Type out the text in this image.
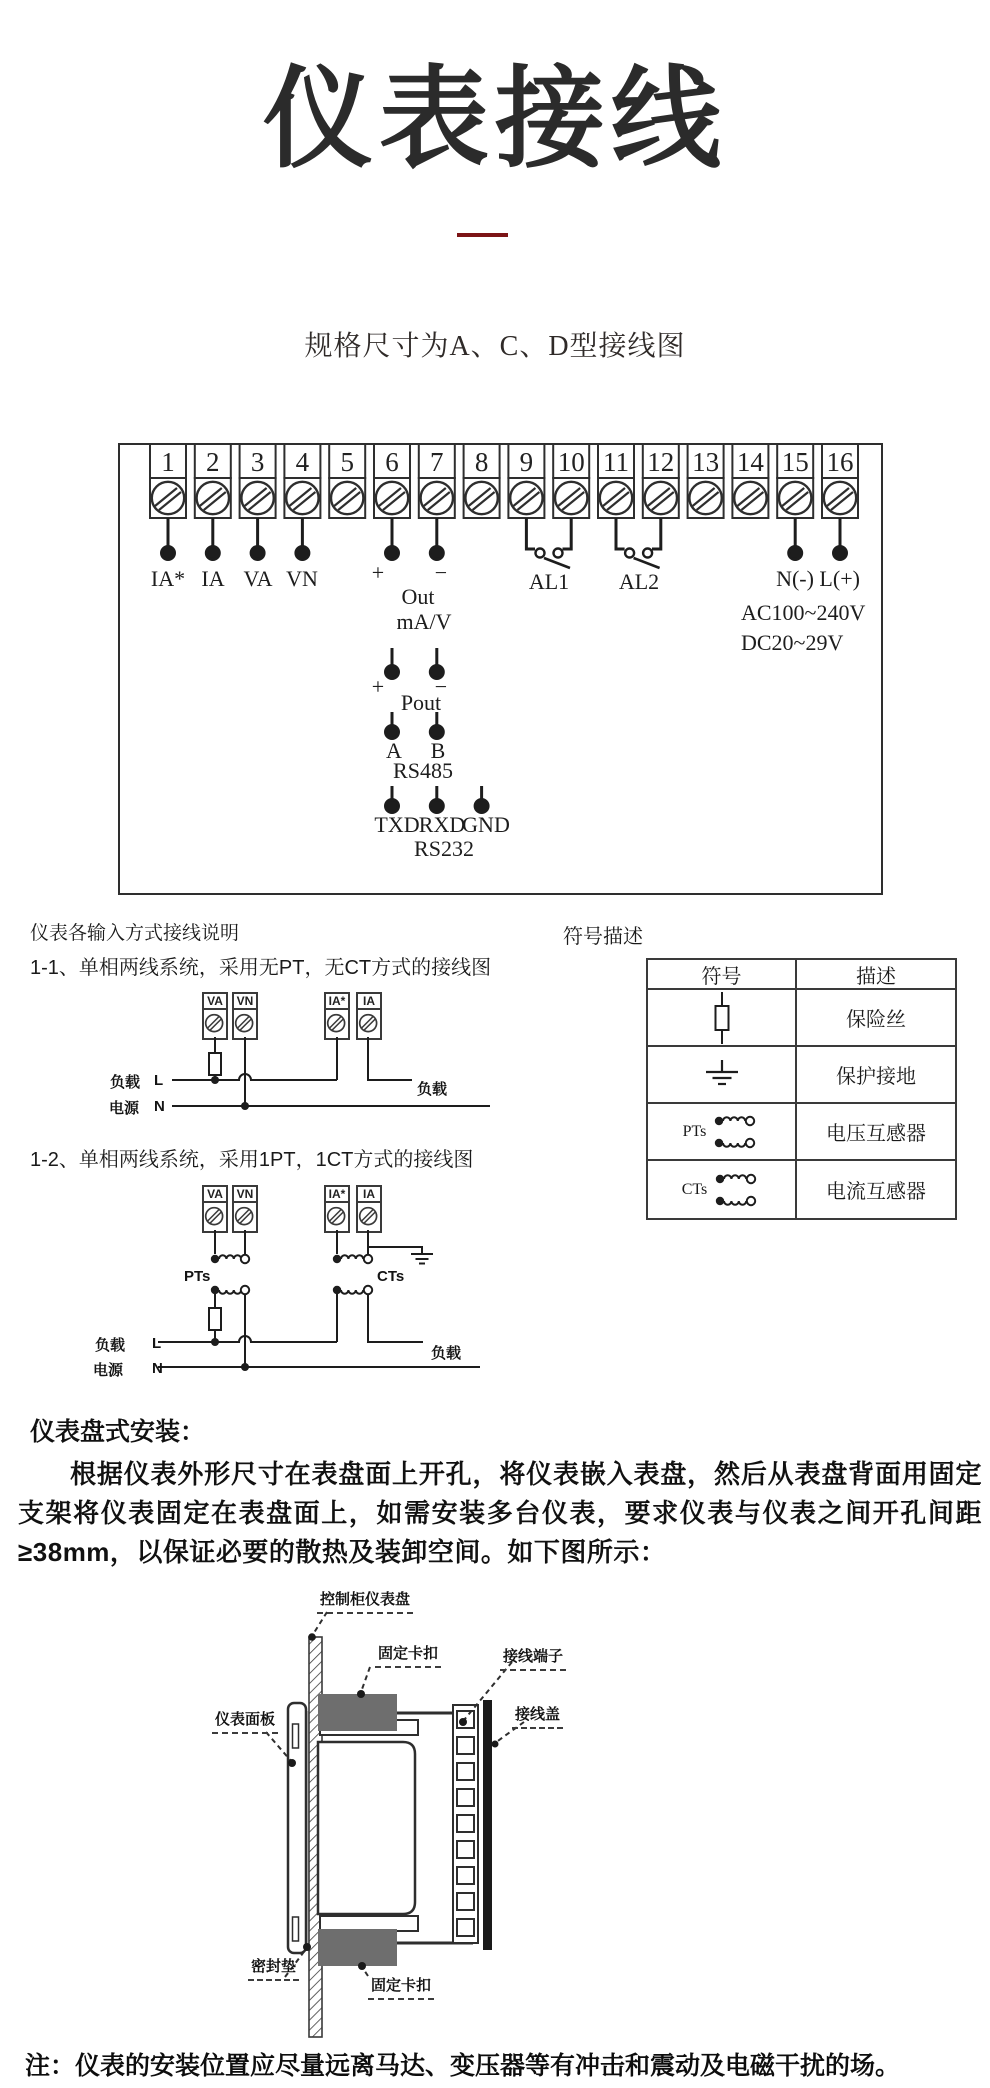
仪表接线
规格尺寸为A、C、D型接线图
1 2 3 4 5 6 7 8 9 10 11 12 13 14 15 16
IA* IA VA VN + −
Out
mA/V
AL1 AL2	N(-) L(+)
AC100~240V
DC20~29V
+ −
Pout
A B
RS485
TXD RXD
GND
RS232
仪表各输入方式接线说明
1-1、单相两线系统，采用无PT，无CT方式的接线图
VA	VN	IA*	IA
负载 L
电源 N
负载
1-2、单相两线系统，采用1PT，1CT方式的接线图
VA	VN	IA*	IA
PTs	CTs
负载 L
电源 N
负载
符号描述
符号	描述
保险丝
保护接地
PTs	电压互感器
CTs	电流互感器
仪表盘式安装：
根据仪表外形尺寸在表盘面上开孔，将仪表嵌入表盘，然后从表盘背面用固定支架将仪表固定在表盘面上，如需安装多台仪表，要求仪表与仪表之间开孔间距≥38mm，以保证必要的散热及装卸空间。如下图所示：
控制柜仪表盘
固定卡扣	接线端子
接线盖
仪表面板
密封垫
固定卡扣
注：仪表的安装位置应尽量远离马达、变压器等有冲击和震动及电磁干扰的场。
